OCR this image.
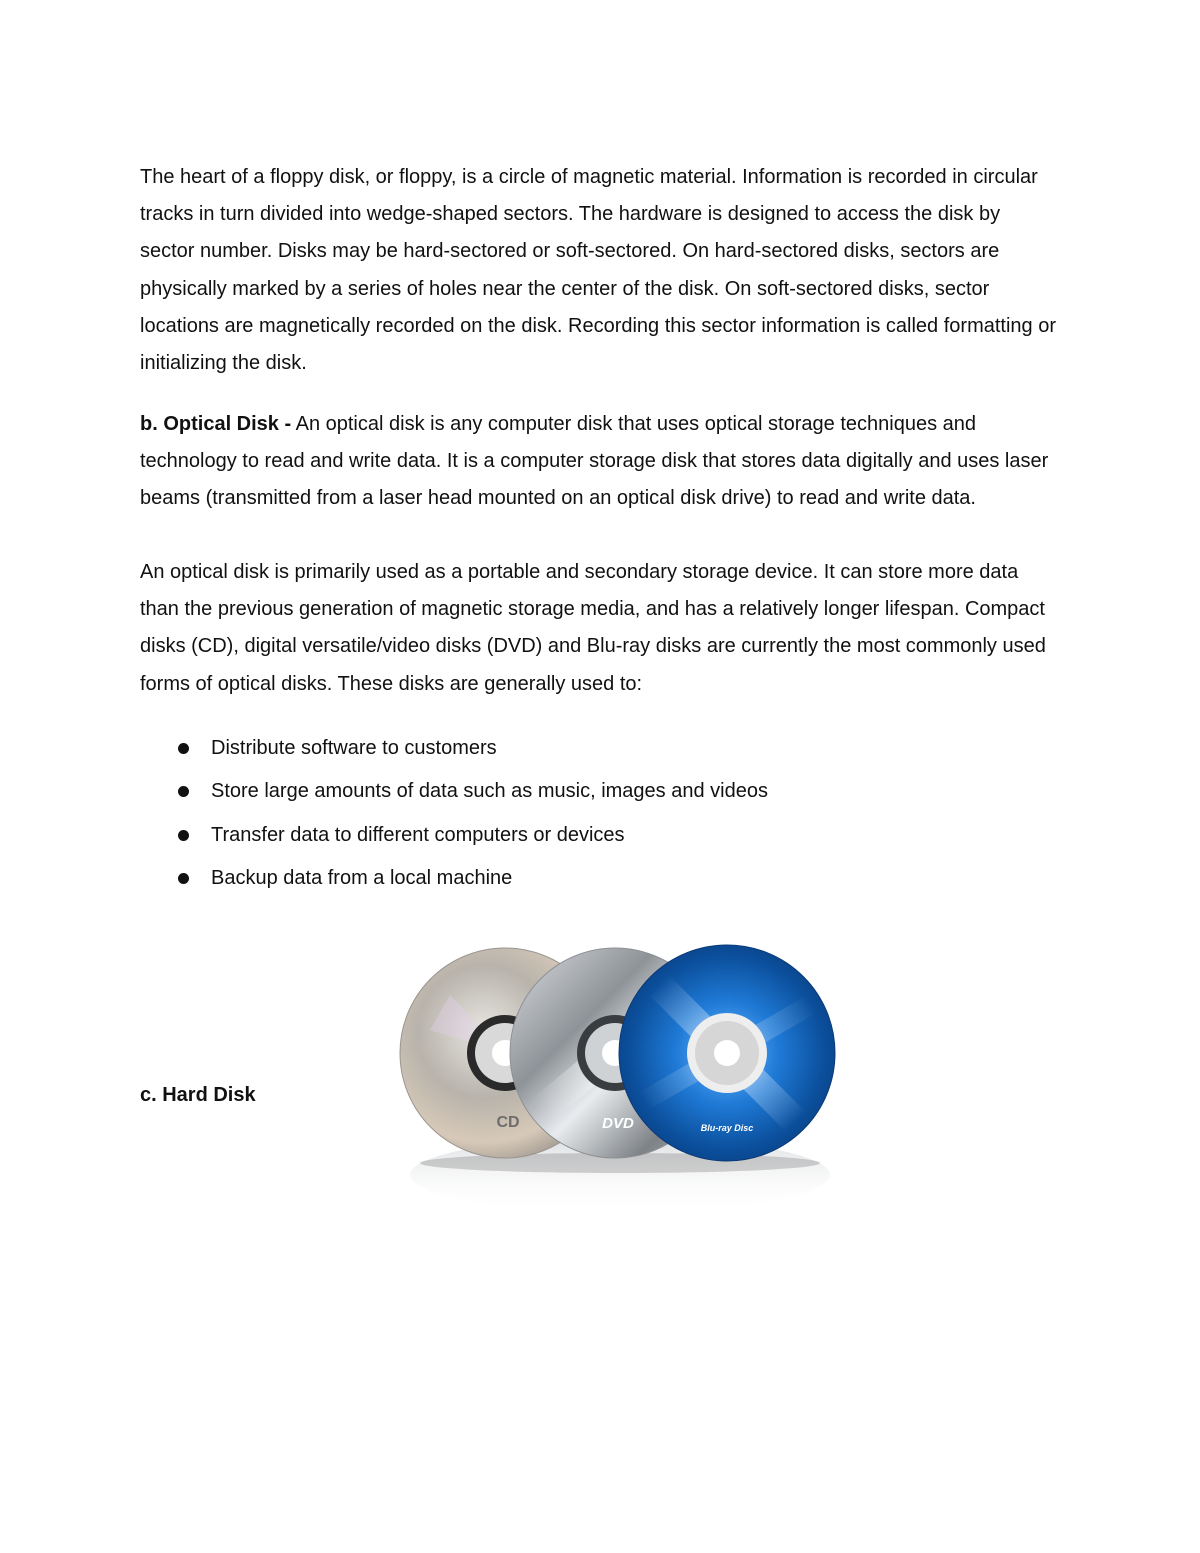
The heart of a floppy disk, or floppy, is a circle of magnetic material. Information is recorded in circular tracks in turn divided into wedge-shaped sectors. The hardware is designed to access the disk by sector number. Disks may be hard-sectored or soft-sectored. On hard-sectored disks, sectors are physically marked by a series of holes near the center of the disk. On soft-sectored disks, sector locations are magnetically recorded on the disk. Recording this sector information is called formatting or initializing the disk.

b. Optical Disk - An optical disk is any computer disk that uses optical storage techniques and technology to read and write data. It is a computer storage disk that stores data digitally and uses laser beams (transmitted from a laser head mounted on an optical disk drive) to read and write data.

An optical disk is primarily used as a portable and secondary storage device. It can store more data than the previous generation of magnetic storage media, and has a relatively longer lifespan. Compact disks (CD), digital versatile/video disks (DVD) and Blu-ray disks are currently the most commonly used forms of optical disks. These disks are generally used to:

Distribute software to customers
Store large amounts of data such as music, images and videos
Transfer data to different computers or devices
Backup data from a local machine

c. Hard Disk

CD	DVD	Blu-ray Disc
